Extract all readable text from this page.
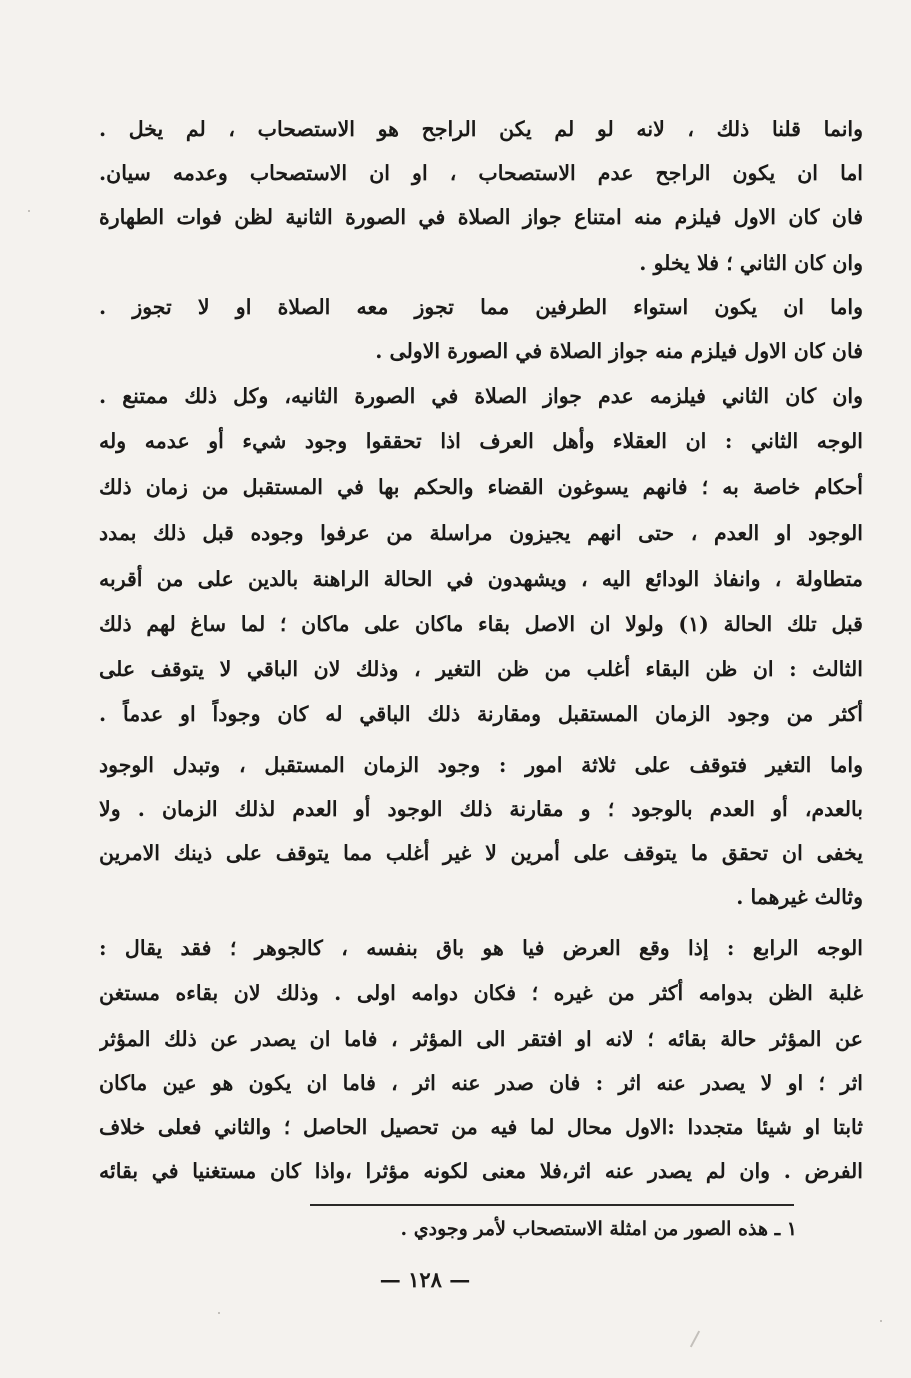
وانما قلنا ذلك ، لانه لو لم يكن الراجح هو الاستصحاب ، لم يخل .
اما ان يكون الراجح عدم الاستصحاب ، او ان الاستصحاب وعدمه سيان.
فان كان الاول فيلزم منه امتناع جواز الصلاة في الصورة الثانية لظن فوات الطهارة
وان كان الثاني ؛ فلا يخلو .
واما ان يكون استواء الطرفين مما تجوز معه الصلاة او لا تجوز .
فان كان الاول فيلزم منه جواز الصلاة في الصورة الاولى .
وان كان الثاني فيلزمه عدم جواز الصلاة في الصورة الثانيه، وكل ذلك ممتنع .
الوجه الثاني : ان العقلاء وأهل العرف اذا تحققوا وجود شيء أو عدمه وله
أحكام خاصة به ؛ فانهم يسوغون القضاء والحكم بها في المستقبل من زمان ذلك
الوجود او العدم ، حتى انهم يجيزون مراسلة من عرفوا وجوده قبل ذلك بمدد
متطاولة ، وانفاذ الودائع اليه ، ويشهدون في الحالة الراهنة بالدين على من أقربه
قبل تلك الحالة (١) ولولا ان الاصل بقاء ماكان على ماكان ؛ لما ساغ لهم ذلك
الثالث : ان ظن البقاء أغلب من ظن التغير ، وذلك لان الباقي لا يتوقف على
أكثر من وجود الزمان المستقبل ومقارنة ذلك الباقي له كان وجوداً او عدماً .
واما التغير فتوقف على ثلاثة امور : وجود الزمان المستقبل ، وتبدل الوجود
بالعدم، أو العدم بالوجود ؛ و مقارنة ذلك الوجود أو العدم لذلك الزمان . ولا
يخفى ان تحقق ما يتوقف على أمرين لا غير أغلب مما يتوقف على ذينك الامرين
وثالث غيرهما .
الوجه الرابع : إذا وقع العرض فيا هو باق بنفسه ، كالجوهر ؛ فقد يقال :
غلبة الظن بدوامه أكثر من غيره ؛ فكان دوامه اولى . وذلك لان بقاءه مستغن
عن المؤثر حالة بقائه ؛ لانه او افتقر الى المؤثر ، فاما ان يصدر عن ذلك المؤثر
اثر ؛ او لا يصدر عنه اثر : فان صدر عنه اثر ، فاما ان يكون هو عين ماكان
ثابتا او شيئا متجددا :الاول محال لما فيه من تحصيل الحاصل ؛ والثاني فعلى خلاف
الفرض . وان لم يصدر عنه اثر،فلا معنى لكونه مؤثرا ،واذا كان مستغنيا في بقائه
١ ـ هذه الصور من امثلة الاستصحاب لأمر وجودي .
— ١٢٨ —
